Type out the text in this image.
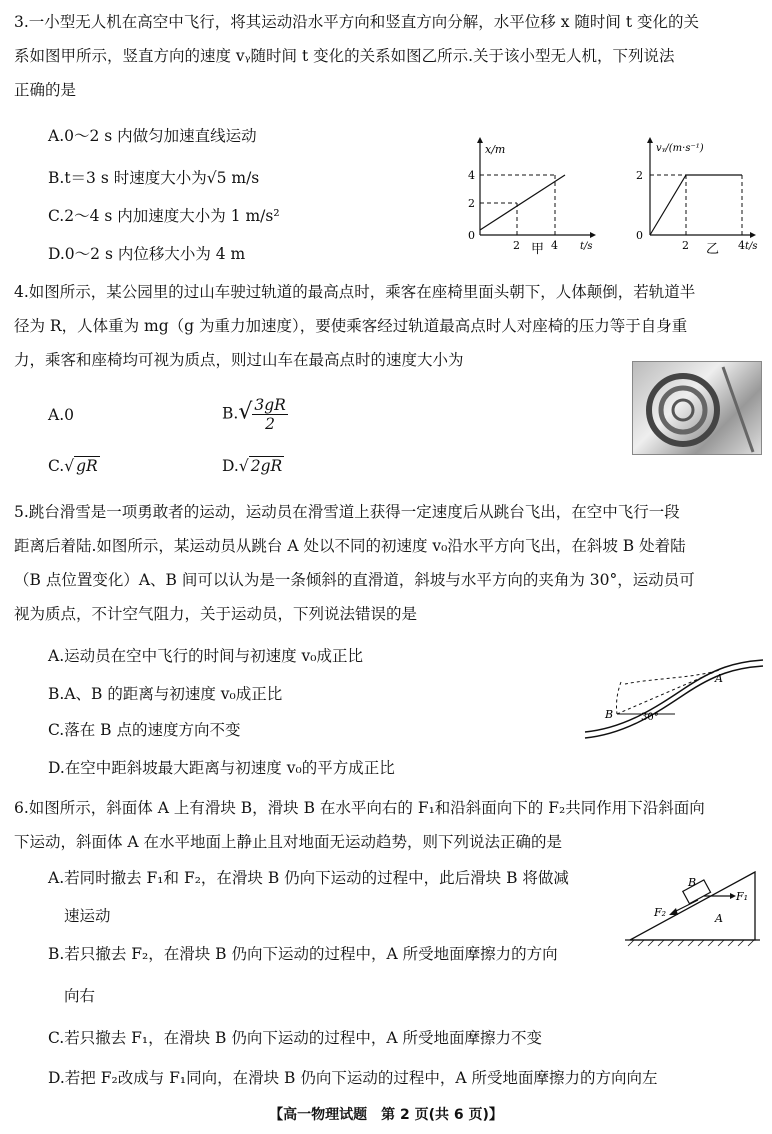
3.一小型无人机在高空中飞行，将其运动沿水平方向和竖直方向分解，水平位移 x 随时间 t 变化的关
系如图甲所示，竖直方向的速度 vᵧ随时间 t 变化的关系如图乙所示.关于该小型无人机，下列说法
正确的是
A.0～2 s 内做匀加速直线运动
B.t＝3 s 时速度大小为√5 m/s
C.2～4 s 内加速度大小为 1 m/s²
D.0～2 s 内位移大小为 4 m
x/m
4
2
0
2	4 t/s
甲
vᵧ/(m·s⁻¹)
2
0
2	4 t/s
乙
4.如图所示，某公园里的过山车驶过轨道的最高点时，乘客在座椅里面头朝下，人体颠倒，若轨道半
径为 R，人体重为 mg（g 为重力加速度），要使乘客经过轨道最高点时人对座椅的压力等于自身重
力，乘客和座椅均可视为质点，则过山车在最高点时的速度大小为
A.0	$B.√ \frac{3gR}{2}$
C.√ gR	D.√ 2gR
5.跳台滑雪是一项勇敢者的运动，运动员在滑雪道上获得一定速度后从跳台飞出，在空中飞行一段
距离后着陆.如图所示，某运动员从跳台 A 处以不同的初速度 v₀沿水平方向飞出，在斜坡 B 处着陆
（B 点位置变化）A、B 间可以认为是一条倾斜的直滑道，斜坡与水平方向的夹角为 30°，运动员可
视为质点，不计空气阻力，关于运动员，下列说法错误的是
A.运动员在空中飞行的时间与初速度 v₀成正比
B.A、B 的距离与初速度 v₀成正比
C.落在 B 点的速度方向不变
D.在空中距斜坡最大距离与初速度 v₀的平方成正比
A
B	30°
6.如图所示，斜面体 A 上有滑块 B，滑块 B 在水平向右的 F₁和沿斜面向下的 F₂共同作用下沿斜面向
下运动，斜面体 A 在水平地面上静止且对地面无运动趋势，则下列说法正确的是
A.若同时撤去 F₁和 F₂，在滑块 B 仍向下运动的过程中，此后滑块 B 将做减
速运动
B.若只撤去 F₂，在滑块 B 仍向下运动的过程中，A 所受地面摩擦力的方向
向右
C.若只撤去 F₁，在滑块 B 仍向下运动的过程中，A 所受地面摩擦力不变
D.若把 F₂改成与 F₁同向，在滑块 B 仍向下运动的过程中，A 所受地面摩擦力的方向向左
B
A
F₁
F₂
【高一物理试题　第 2 页(共 6 页)】
